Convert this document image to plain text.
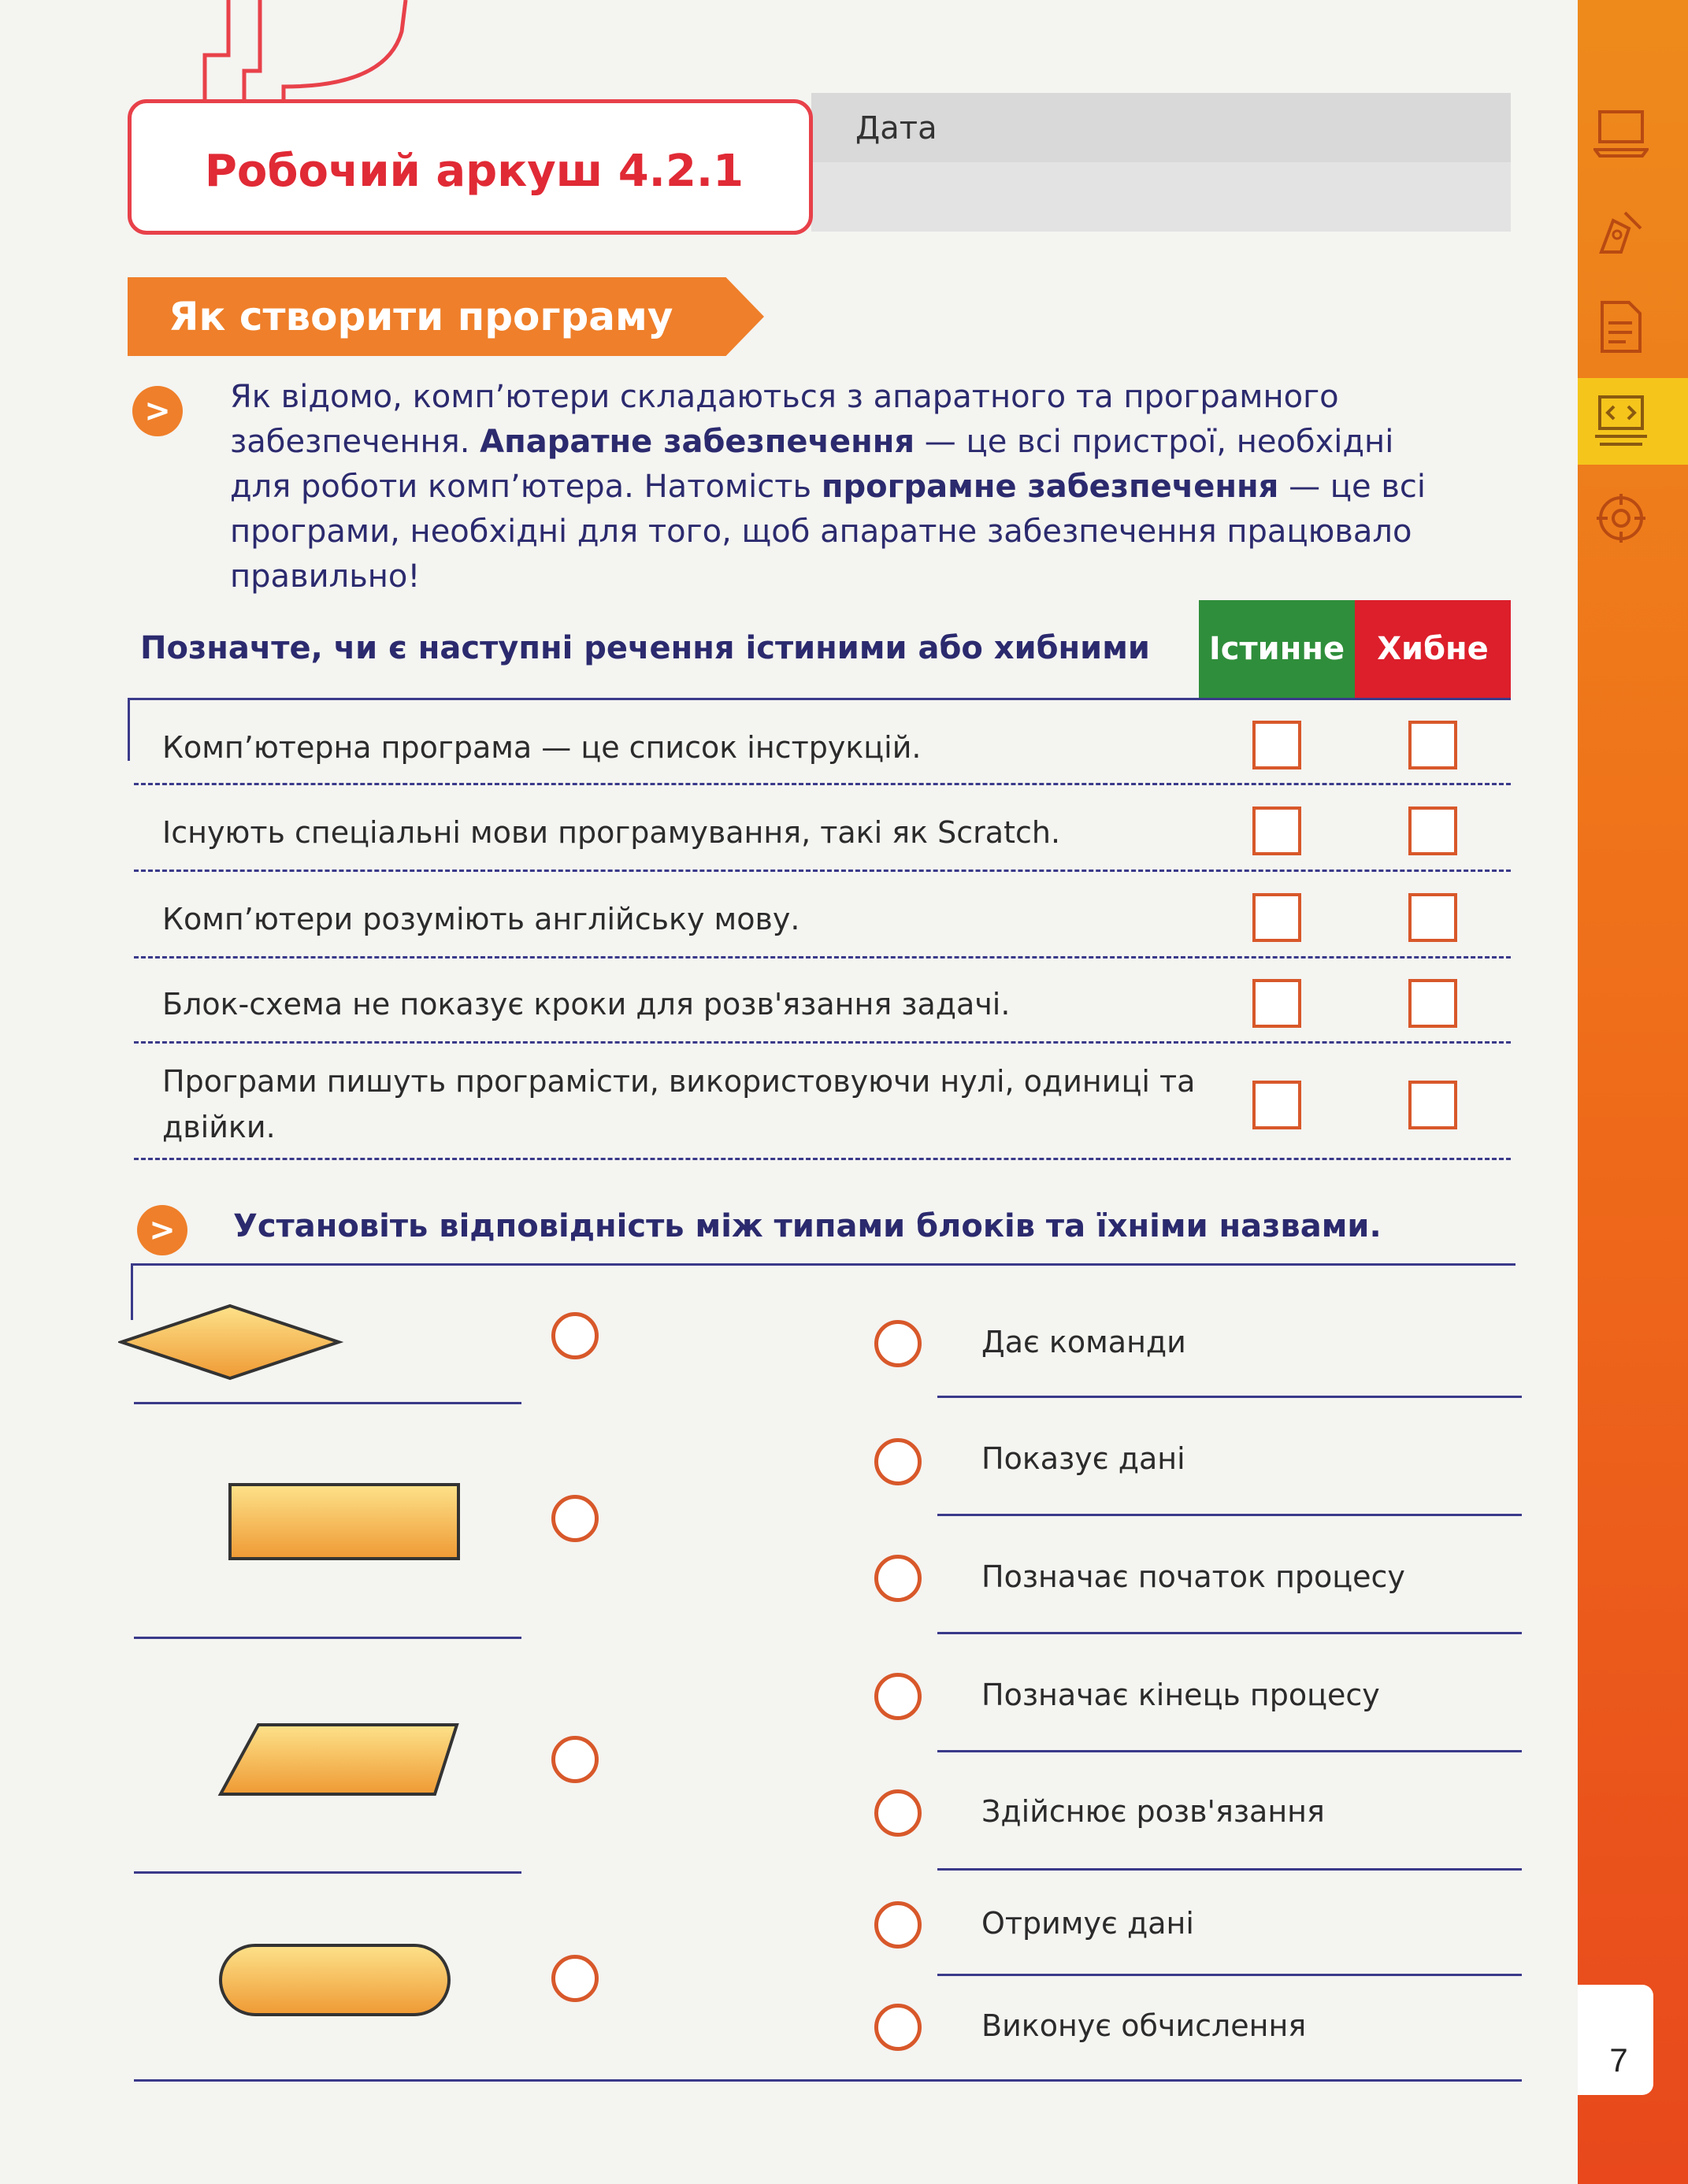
7
Дата
Робочий аркуш 4.2.1
Як створити програму
>	Як відомо, комп’ютери складаються з апаратного та програмного забезпечення. Апаратне забезпечення — це всі пристрої, необхідні для роботи комп’ютера. Натомість програмне забезпечення — це всі програми, необхідні для того, щоб апаратне забезпечення працювало правильно!
Позначте, чи є наступні речення істиними або хибними	Істинне	Хибне
Комп’ютерна програма — це список інструкцій.
Існують спеціальні мови програмування, такі як Scratch.
Комп’ютери розуміють англійську мову.
Блок-схема не показує кроки для розв'язання задачі.
Програми пишуть програмісти, використовуючи нулі, одиниці та двійки.
>	Установіть відповідність між типами блоків та їхніми назвами.
Дає команди
Показує дані
Позначає початок процесу
Позначає кінець процесу
Здійснює розв'язання
Отримує дані
Виконує обчислення
